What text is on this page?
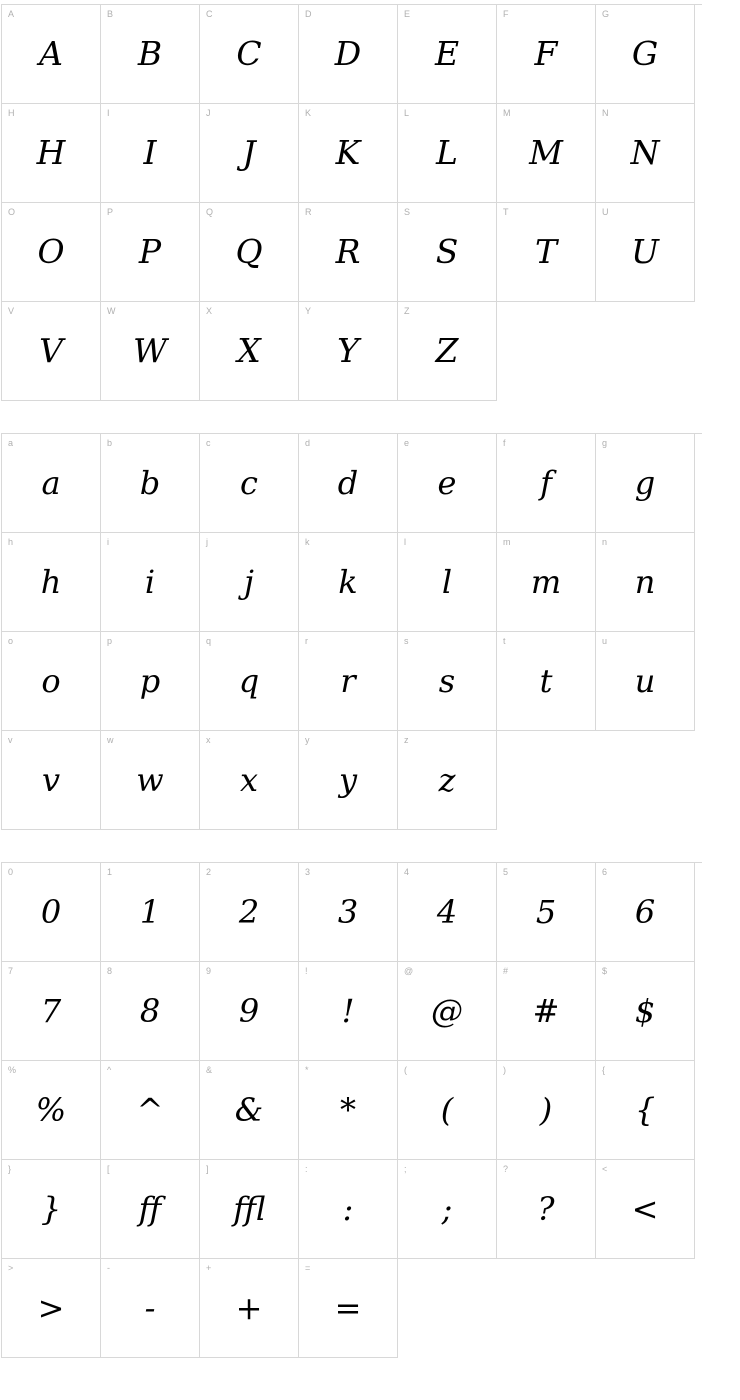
A
A
B
B
C
C
D
D
E
E
F
F
G
G
H
H
I
I
J
J
K
K
L
L
M
M
N
N
O
O
P
P
Q
Q
R
R
S
S
T
T
U
U
V
V
W
W
X
X
Y
Y
Z
Z
a
a
b
b
c
c
d
d
e
e
f
f
g
g
h
h
i
i
j
j
k
k
l
l
m
m
n
n
o
o
p
p
q
q
r
r
s
s
t
t
u
u
v
v
w
w
x
x
y
y
z
z
0
0
1
1
2
2
3
3
4
4
5
5
6
6
7
7
8
8
9
9
!
!
@
@
#
#
$
$
%
%
^
^
&
&
*
*
(
(
)
)
{
{
}
}
[
ff
]
ffl
:
:
;
;
?
?
<
<
>
>
-
-
+
+
=
=
